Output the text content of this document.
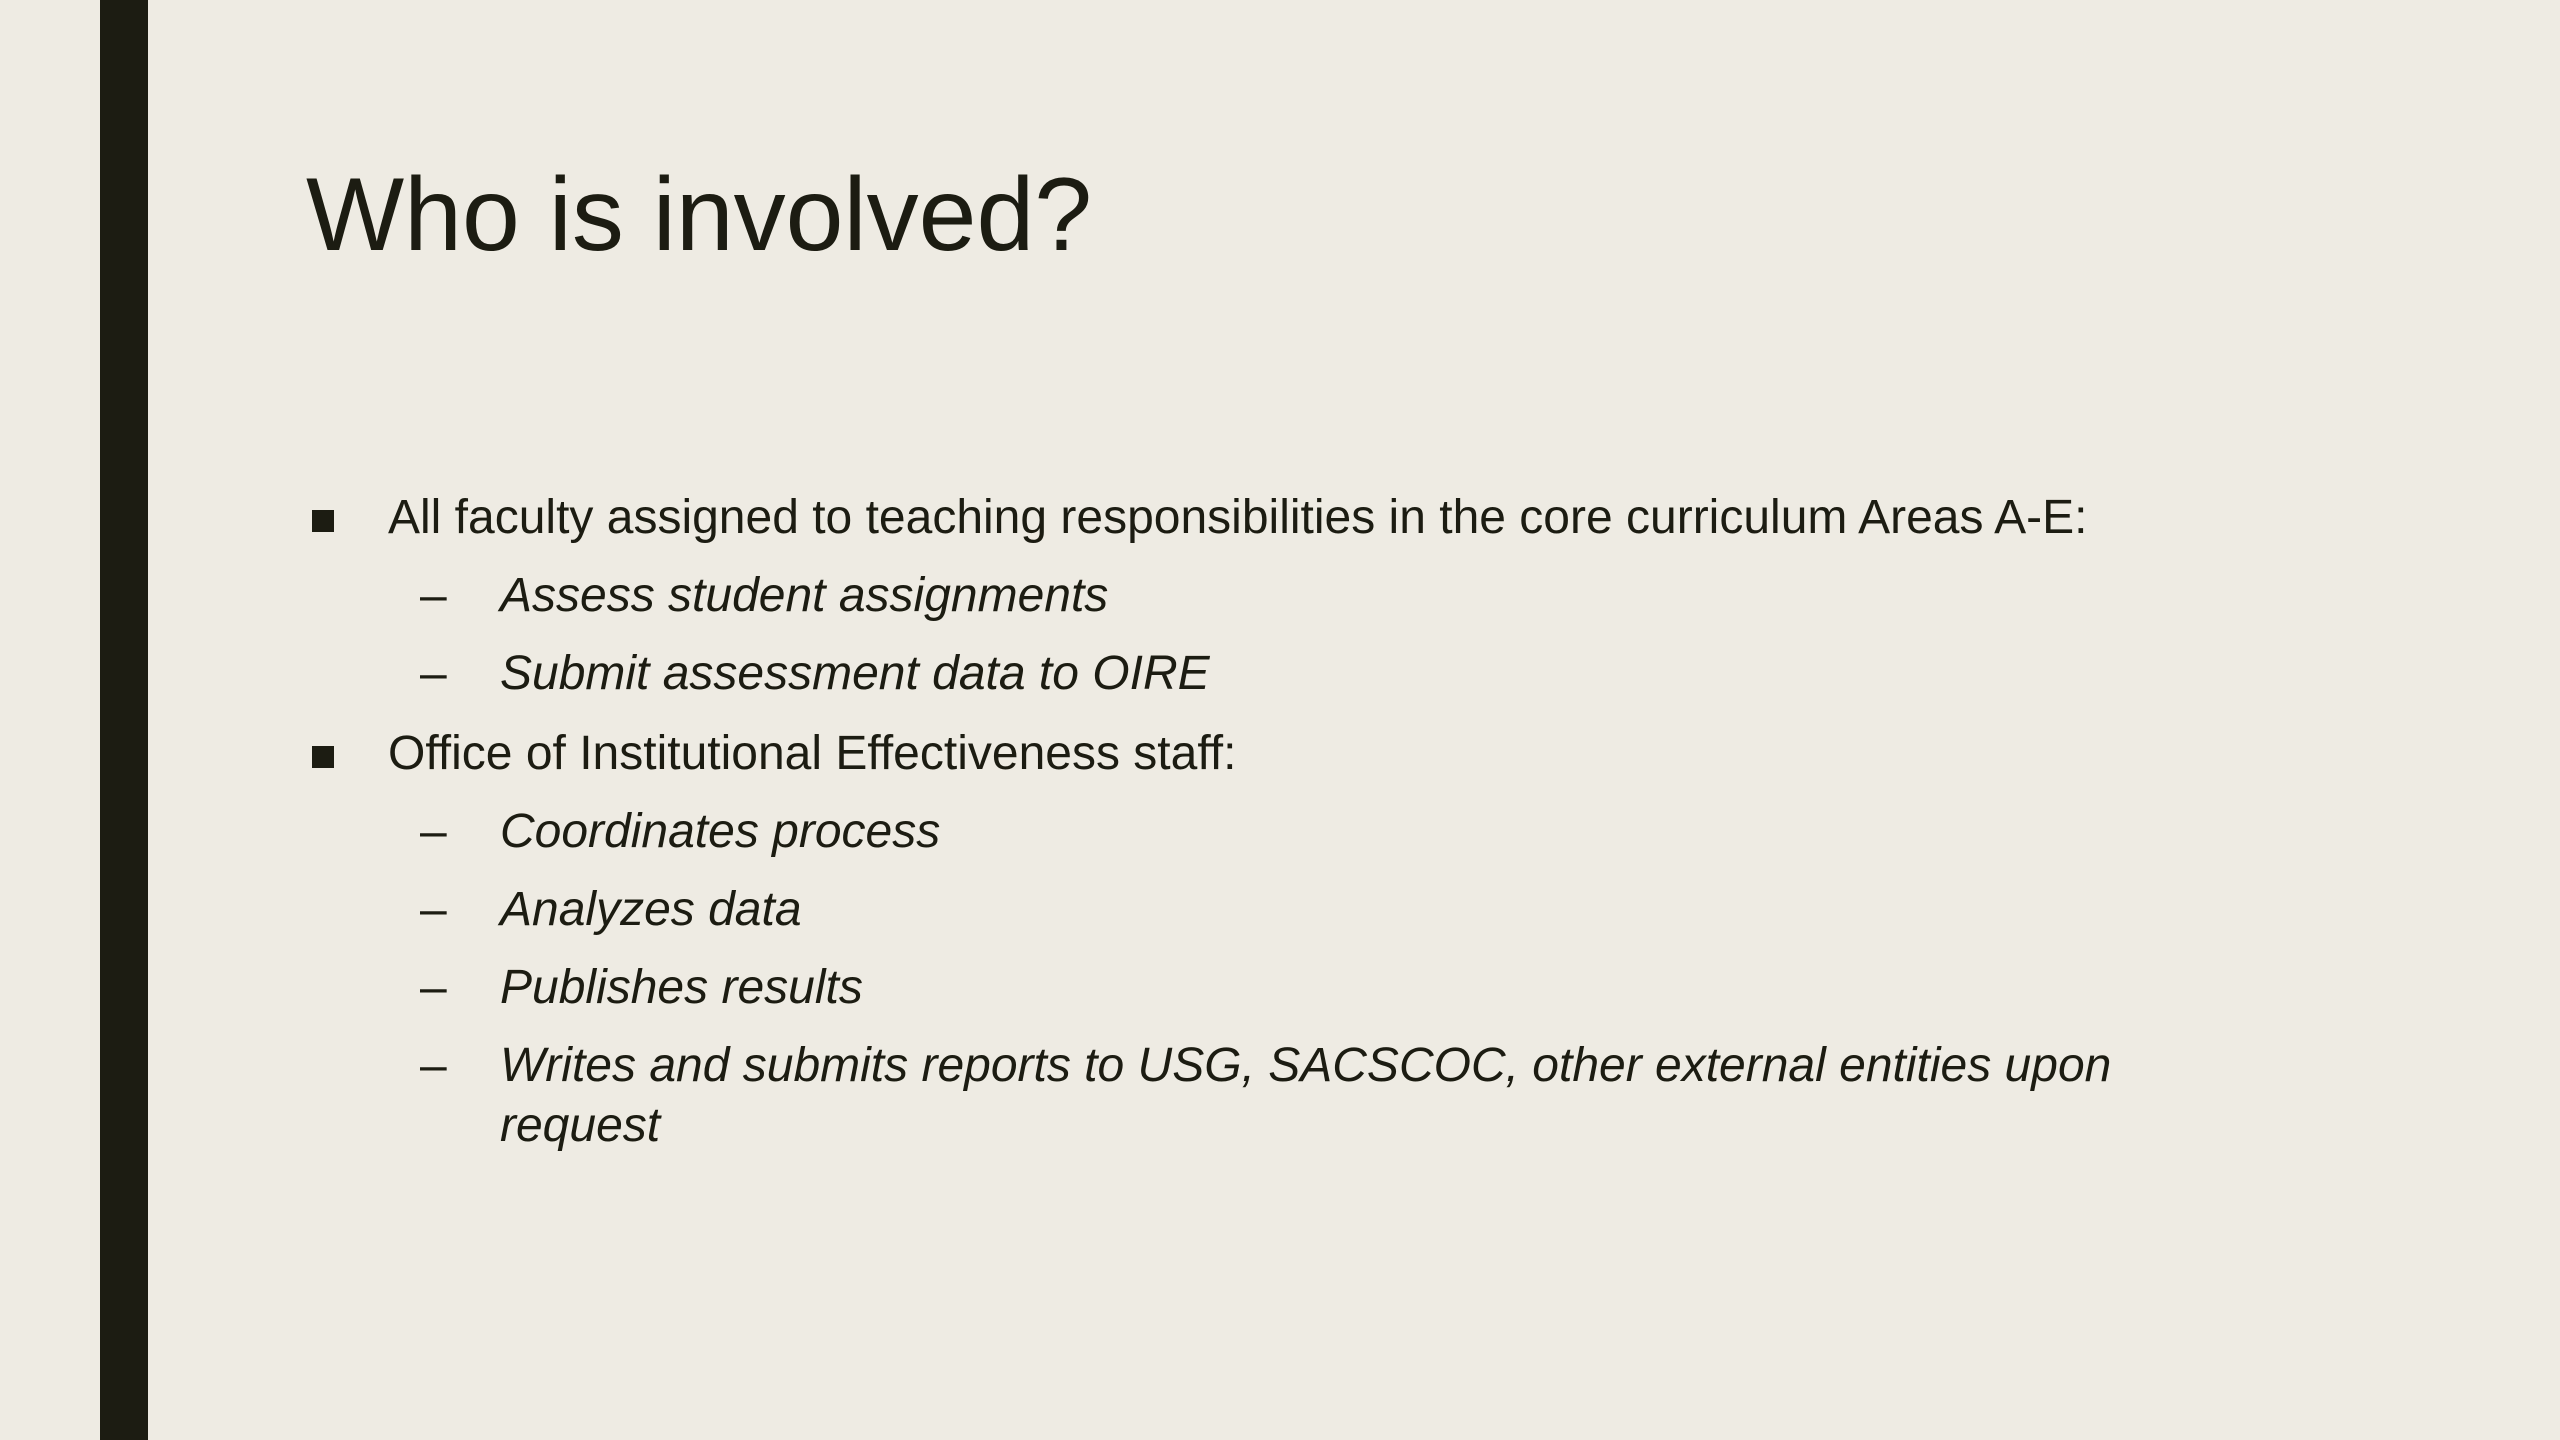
Who is involved?
All faculty assigned to teaching responsibilities in the core curriculum Areas A-E:
– Assess student assignments
– Submit assessment data to OIRE
Office of Institutional Effectiveness staff:
– Coordinates process
– Analyzes data
– Publishes results
– Writes and submits reports to USG, SACSCOC, other external entities upon request
